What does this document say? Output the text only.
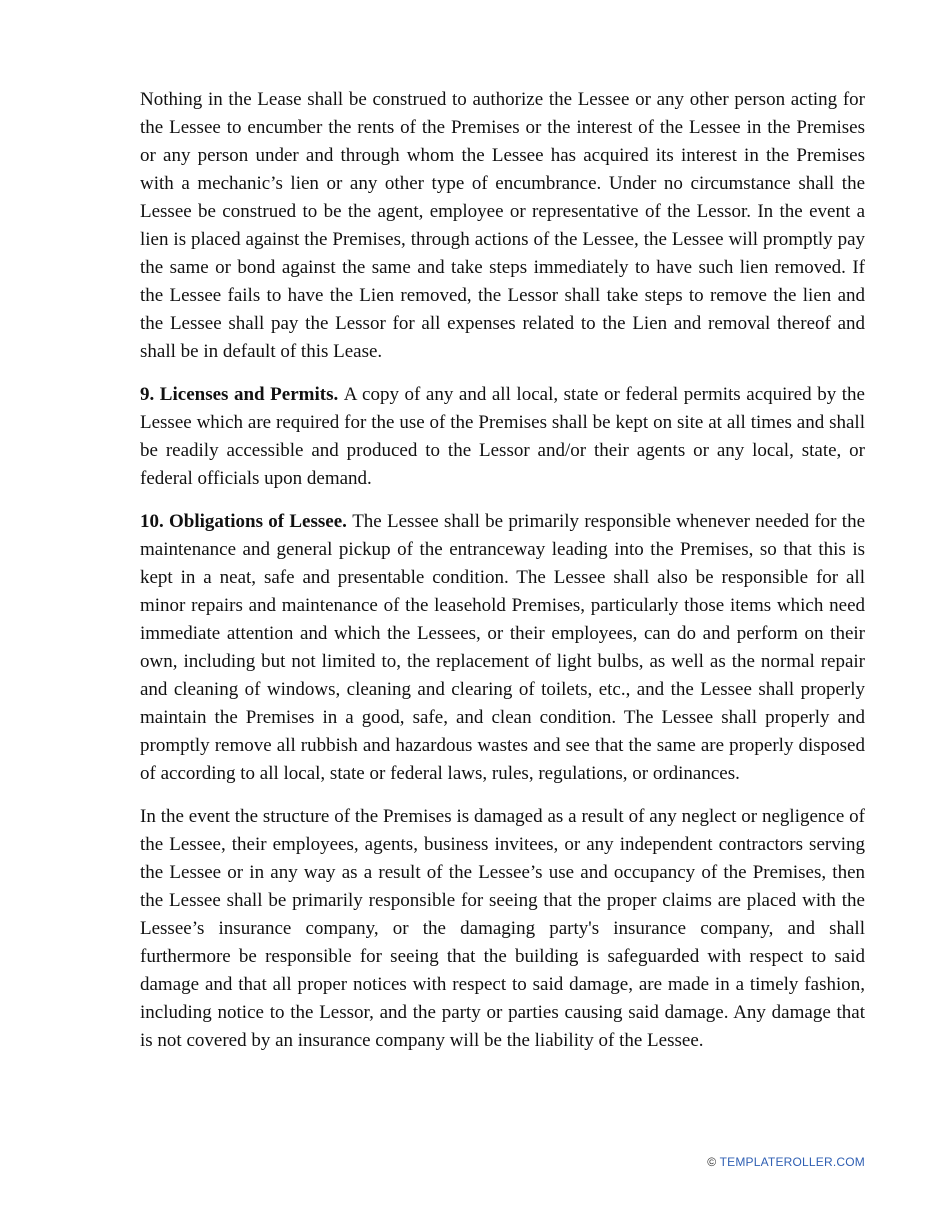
Nothing in the Lease shall be construed to authorize the Lessee or any other person acting for the Lessee to encumber the rents of the Premises or the interest of the Lessee in the Premises or any person under and through whom the Lessee has acquired its interest in the Premises with a mechanic’s lien or any other type of encumbrance. Under no circumstance shall the Lessee be construed to be the agent, employee or representative of the Lessor. In the event a lien is placed against the Premises, through actions of the Lessee, the Lessee will promptly pay the same or bond against the same and take steps immediately to have such lien removed. If the Lessee fails to have the Lien removed, the Lessor shall take steps to remove the lien and the Lessee shall pay the Lessor for all expenses related to the Lien and removal thereof and shall be in default of this Lease.

9. Licenses and Permits. A copy of any and all local, state or federal permits acquired by the Lessee which are required for the use of the Premises shall be kept on site at all times and shall be readily accessible and produced to the Lessor and/or their agents or any local, state, or federal officials upon demand.

10. Obligations of Lessee. The Lessee shall be primarily responsible whenever needed for the maintenance and general pickup of the entranceway leading into the Premises, so that this is kept in a neat, safe and presentable condition. The Lessee shall also be responsible for all minor repairs and maintenance of the leasehold Premises, particularly those items which need immediate attention and which the Lessees, or their employees, can do and perform on their own, including but not limited to, the replacement of light bulbs, as well as the normal repair and cleaning of windows, cleaning and clearing of toilets, etc., and the Lessee shall properly maintain the Premises in a good, safe, and clean condition. The Lessee shall properly and promptly remove all rubbish and hazardous wastes and see that the same are properly disposed of according to all local, state or federal laws, rules, regulations, or ordinances.

In the event the structure of the Premises is damaged as a result of any neglect or negligence of the Lessee, their employees, agents, business invitees, or any independent contractors serving the Lessee or in any way as a result of the Lessee’s use and occupancy of the Premises, then the Lessee shall be primarily responsible for seeing that the proper claims are placed with the Lessee’s insurance company, or the damaging party's insurance company, and shall furthermore be responsible for seeing that the building is safeguarded with respect to said damage and that all proper notices with respect to said damage, are made in a timely fashion, including notice to the Lessor, and the party or parties causing said damage. Any damage that is not covered by an insurance company will be the liability of the Lessee.

© TEMPLATEROLLER.COM
